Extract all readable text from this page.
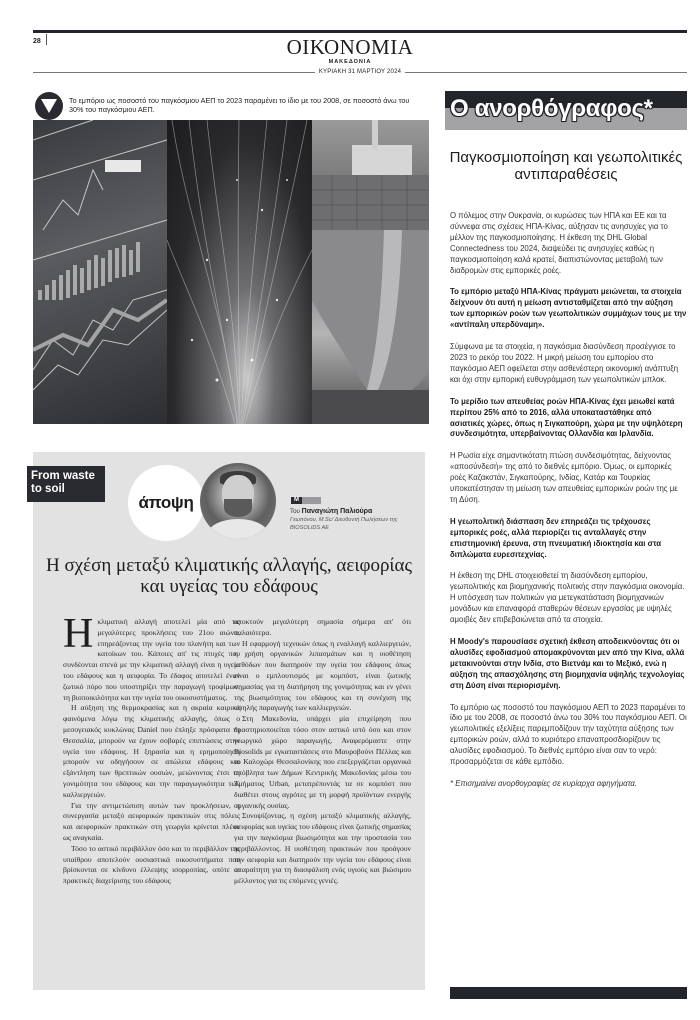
28	ΟΙΚΟΝΟΜΙΑ
ΜΑΚΕΔΟΝΙΑ
ΚΥΡΙΑΚΗ 31 ΜΑΡΤΙΟΥ 2024
Το εμπόριο ως ποσοστό του παγκόσμιου ΑΕΠ το 2023 παραμένει το ίδιο με του 2008, σε ποσοστό άνω του 30% του παγκόσμιου ΑΕΠ.
From waste to soil
άποψη	M
Του Παναγιώτη Παλιούρα
Γεωπόνου, M.Sc/ Διευθυντή Πωλήσεων της BIOSOLIDS AE
Η σχέση μεταξύ κλιματικής αλλαγής, αειφορίας και υγείας του εδάφους

Ηκλιματική αλλαγή αποτελεί μία από τις μεγαλύτερες προκλήσεις του 21ου αιώνα, επηρεάζοντας την υγεία του πλανήτη και των κατοίκων του. Κάποιες απ' τις πτυχές που συνδέονται στενά με την κλιματική αλλαγή είναι η υγεία του εδάφους και η αειφορία. Το έδαφος αποτελεί έναν ζωτικό πόρο που υποστηρίζει την παραγωγή τροφίμων, τη βιοποικιλότητα και την υγεία του οικοσυστήματος.

Η αύξηση της θερμοκρασίας και η ακραία καιρικά φαινόμενα λόγω της κλιματικής αλλαγής, όπως ο μεσογειακός κυκλώνας Daniel που έπληξε πρόσφατα τη Θεσσαλία, μπορούν να έχουν σοβαρές επιπτώσεις στην υγεία του εδάφους. Η ξηρασία και η ερημοποίηση μπορούν να οδηγήσουν σε απώλεια εδάφους και εξάντληση των θρεπτικών ουσιών, μειώνοντας έτσι τη γονιμότητα του εδάφους και την παραγωγικότητα των καλλιεργειών.

Για την αντιμετώπιση αυτών των προκλήσεων, η συνεργασία μεταξύ αειφορικών πρακτικών στις πόλεις και αειφορικών πρακτικών στη γεωργία κρίνεται πλέον ως αναγκαία.

Τόσο το αστικό περιβάλλον όσο και το περιβάλλον της υπαίθρου αποτελούν ουσιαστικά οικοσυστήματα που βρίσκονται σε κίνδυνο έλλειψης ισορροπίας, οπότε οι πρακτικές διαχείρισης του εδάφους

αποκτούν μεγαλύτερη σημασία σήμερα απ' ότι παλαιότερα.

Η εφαρμογή τεχνικών όπως η εναλλαγή καλλιεργειών, η χρήση οργανικών λιπασμάτων και η υιοθέτηση μεθόδων που διατηρούν την υγεία του εδάφους όπως είναι ο εμπλουτισμός με κομπόστ, είναι ζωτικής σημασίας για τη διατήρηση της γονιμότητας και εν γένει της βιωσιμότητας του εδάφους και τη συνέχιση της υψηλής παραγωγής των καλλιεργειών.

Στη Μακεδονία, υπάρχει μία επιχείρηση που δραστηριοποιείται τόσο στον αστικό ιστό όσο και στον γεωργικό χώρο παραγωγής. Αναφερόμαστε στην Biosolids με εγκαταστάσεις στο Μαυροβούνι Πέλλας και το Καλοχώρι Θεσσαλονίκης που επεξεργάζεται οργανικά απόβλητα των Δήμων Κεντρικής Μακεδονίας μέσω του Τμήματος Urban, μετατρέποντάς τα σε κομπόστ που διαθέτει στους αγρότες με τη μορφή προϊόντων ενεργής οργανικής ουσίας.

Συνοψίζοντας, η σχέση μεταξύ κλιματικής αλλαγής, αειφορίας και υγείας του εδάφους είναι ζωτικής σημασίας για την παγκόσμια βιωσιμότητα και την προστασία του περιβάλλοντος. Η υιοθέτηση πρακτικών που προάγουν την αειφορία και διατηρούν την υγεία του εδάφους είναι απαραίτητη για τη διασφάλιση ενός υγιούς και βιώσιμου μέλλοντος για τις επόμενες γενιές.

Ο ανορθόγραφος*
Παγκοσμιοποίηση και γεωπολιτικές αντιπαραθέσεις

Ο πόλεμος στην Ουκρανία, οι κυρώσεις των ΗΠΑ και ΕΕ και τα σύννεφα στις σχέσεις ΗΠΑ-Κίνας, αύξησαν τις ανησυχίες για το μέλλον της παγκοσμιοποίησης. Η έκθεση της DHL Global Connectedness του 2024, διαψεύδει τις ανησυχίες καθώς η παγκοσμιοποίηση καλά κρατεί, διαπιστώνοντας μεταβολή των διαδρομών στις εμπορικές ροές.

Το εμπόριο μεταξύ ΗΠΑ-Κίνας πράγματι μειώνεται, τα στοιχεία δείχνουν ότι αυτή η μείωση αντισταθμίζεται από την αύξηση των εμπορικών ροών των γεωπολιτικών συμμάχων τους με την «αντίπαλη υπερδύναμη».

Σύμφωνα με τα στοιχεία, η παγκόσμια διασύνδεση προσέγγισε το 2023 το ρεκόρ του 2022. Η μικρή μείωση του εμπορίου στο παγκόσμιο ΑΕΠ οφείλεται στην ασθενέστερη οικονομική ανάπτυξη και όχι στην εμπορική ευθυγράμμιση των γεωπολιτικών μπλοκ.

Το μερίδιο των απευθείας ροών ΗΠΑ-Κίνας έχει μειωθεί κατά περίπου 25% από το 2016, αλλά υποκαταστάθηκε από ασιατικές χώρες, όπως η Σιγκαπούρη, χώρα με την υψηλότερη συνδεσιμότητα, υπερβαίνοντας Ολλανδία και Ιρλανδία.

Η Ρωσία είχε σημαντικότατη πτώση συνδεσιμότητας, δείχνοντας «αποσύνδεσή» της από το διεθνές εμπόριο. Όμως, οι εμπορικές ροές Καζακστάν, Σιγκαπούρης, Ινδίας, Κατάρ και Τουρκίας υποκατέστησαν τη μείωση των απευθείας εμπορικών ροών της με τη Δύση.

Η γεωπολιτική διάσπαση δεν επηρεάζει τις τρέχουσες εμπορικές ροές, αλλά περιορίζει τις ανταλλαγές στην επιστημονική έρευνα, στη πνευματική ιδιοκτησία και στα διπλώματα ευρεσιτεχνίας.

Η έκθεση της DHL στοιχειοθετεί τη διασύνδεση εμπορίου, γεωπολιτικής και βιομηχανικής πολιτικής στην παγκόσμια οικονομία. Η υπόσχεση των πολιτικών για μετεγκατάσταση βιομηχανικών μονάδων και επαναφορά σταθερών θέσεων εργασίας με υψηλές αμοιβές δεν επιβεβαιώνεται από τα στοιχεία.

Η Moody's παρουσίασε σχετική έκθεση αποδεικνύοντας ότι οι αλυσίδες εφοδιασμού απομακρύνονται μεν από την Κίνα, αλλά μετακινούνται στην Ινδία, στο Βιετνάμ και το Μεξικό, ενώ η αύξηση της απασχόλησης στη βιομηχανία υψηλής τεχνολογίας στη Δύση είναι περιορισμένη.

Το εμπόριο ως ποσοστό του παγκόσμιου ΑΕΠ το 2023 παραμένει το ίδιο με του 2008, σε ποσοστό άνω του 30% του παγκόσμιου ΑΕΠ. Οι γεωπολιτικές εξελίξεις παρεμποδίζουν την ταχύτητα αύξησης των εμπορικών ροών, αλλά το κυριότερο επαναπροσδιορίζουν τις αλυσίδες εφοδιασμού. Το διεθνές εμπόριο είναι σαν το νερό: προσαρμόζεται σε κάθε εμπόδιο.

* Επισημαίνει ανορθογραφίες σε κυρίαρχα αφηγήματα.
